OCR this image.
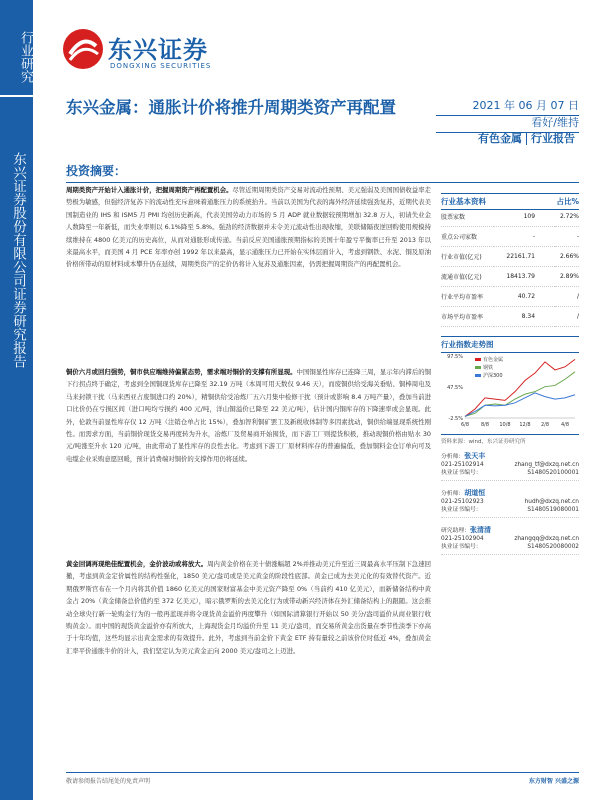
行业研究
东兴证券股份有限公司证券研究报告
东兴证券
DONGXING SECURITIES
东兴金属：通胀计价将推升周期类资产再配置	2021 年 06 月 07 日
看好/维持
有色金属 行业报告
投资摘要：
周期类资产开始计入通胀计价，把握周期资产再配置机会。尽管近期周期类资产交易对流动性预期、美元强弱及美国国债收益率走势极为敏感，但强经济复苏下的流动性充斥意味着通胀压力的系统抬升。当前以美国为代表的海外经济延续强劲复苏，近期代表美国制造业的 IHS 和 ISM5 月 PMI 均创历史新高，代表美国劳动力市场的 5 月 ADP 就业数据较预期增加 32.8 万人，初请失业金人数降至一年新低，而失业率则以 6.1%降至 5.8%。强劲的经济数据并未令美元流动性出现收缩，美联储隔夜逆回购使用规模持续维持在 4800 亿美元的历史高位，从而对通胀形成传递。当前反应美国通胀预期指标的美国十年盈亏平衡率已升至 2013 年以来最高水平，而美国 4 月 PCE 年率亦创 1992 年以来最高，显示通胀压力已开始在实体层面计入，考虑到钢铁、水泥、铜及原油价格所带动的原材料成本攀升仍在延续，周期类资产的定价仍将计入复苏及通胀因素，仍需把握周期资产的再配置机会。
铜价六月或回归强势，铜市供应端维持偏紧态势，需求端对铜价的支撑有所显现。中国铜显性库存已连降三周，显示年内滞后的铜下行拐点终于确定，考虑到全国铜现货库存已降至 32.19 万吨（本周可用天数仅 9.46 天），而废铜供给受海关垂贴、铜棒周电及马来封锁干扰（马来西亚占废铜进口约 20%），精铜供给受冶炼厂五六月集中检修干扰（预计或影响 8.4 万吨产量），叠加当前进口比价仍在亏损区间（进口吨均亏损约 400 元/吨，洋山铜溢价已降至 22 美元/吨），估计国内铜库存的下降速率或会显现。此外，伦敦当前显性库存仅 12 万吨（注销仓单占比 15%），叠加智利铜矿罢工及新税收体制等多因素扰动，铜供给端显现系统性刚性。而需求方面，当前铜价现货交易再度转为升水，冶炼厂及贸易商开始囤货，而下游工厂则提货积极，推动现铜价格由贴水 30 元/吨涨至升水 120 元/吨，由此带动了显性库存的良性去化。考虑到下游工厂原材料库存的普遍偏低，叠加铜料金仓订单向可及电缆企业采购意愿回暖，预计消费端对铜价的支撑作用仍将延续。
黄金回调再现绝佳配置机会，金价波动或将放大。周内黄金价格在美十债涨幅超 2%并推动美元升至近三周最高水平压制下急速回撤，考虑到黄金定价属性的结构性强化，1850 美元/盎司或是美元黄金的阶段性底部。黄金已成为去美元化的有效替代资产。近期俄罗斯官布在一个月内将其价值 1860 亿美元的国家财富基金中美元资产降至 0%（当前约 410 亿美元），而新储备结构中黄金占 20%（黄金储备总价值约至 372 亿美元），暗示俄罗斯的去美元化行为或带动新兴经济体在外汇储备结构上的跟随。这会推动全球央行新一轮购金行为的一般再蓝现并将令现货黄金溢价再度攀升（如国际清算银行开始以 50 美分/盎司溢价从商业银行收购黄金）。而中国的现货黄金溢价亦有所放大，上海现货金月均溢价升至 11 美元/盎司，而交易所黄金出货量在季节性淡季下亦高于十年均值，这些均显示出黄金需求的有效提升。此外，考虑到当前金价下黄金 ETF 持有量较之前该价位时低近 4%，叠加黄金汇率平价通胀牛价的计入，我们坚定认为美元黄金正向 2000 美元/盎司之上迈进。
行业基本资料	占比%
股票家数	109	2.72%
重点公司家数	-	-
行业市值(亿元)	22161.71	2.66%
流通市值(亿元)	18413.79	2.89%
行业平均市盈率	40.72	/
市场平均市盈率	8.34	/
行业指数走势图
97.5%
47.5%
-2.5%
6/8 8/8 10/8 12/8 2/8 4/8
有色金属
钢铁
沪深300
资料来源：wind，东兴证券研究所
分析师：张天丰
021-25102914	zhang_tf@dxzq.net.cn
执业证书编号：	S1480520100001
分析师：胡道恒
021-25102923	hudh@dxzq.net.cn
执业证书编号：	S1480519080001
研究助理：张清清
021-25102904	zhangqq@dxzq.net.cn
执业证书编号：	S1480520080002
敬请参阅报告结尾处的免责声明	东方财智 兴盛之源
